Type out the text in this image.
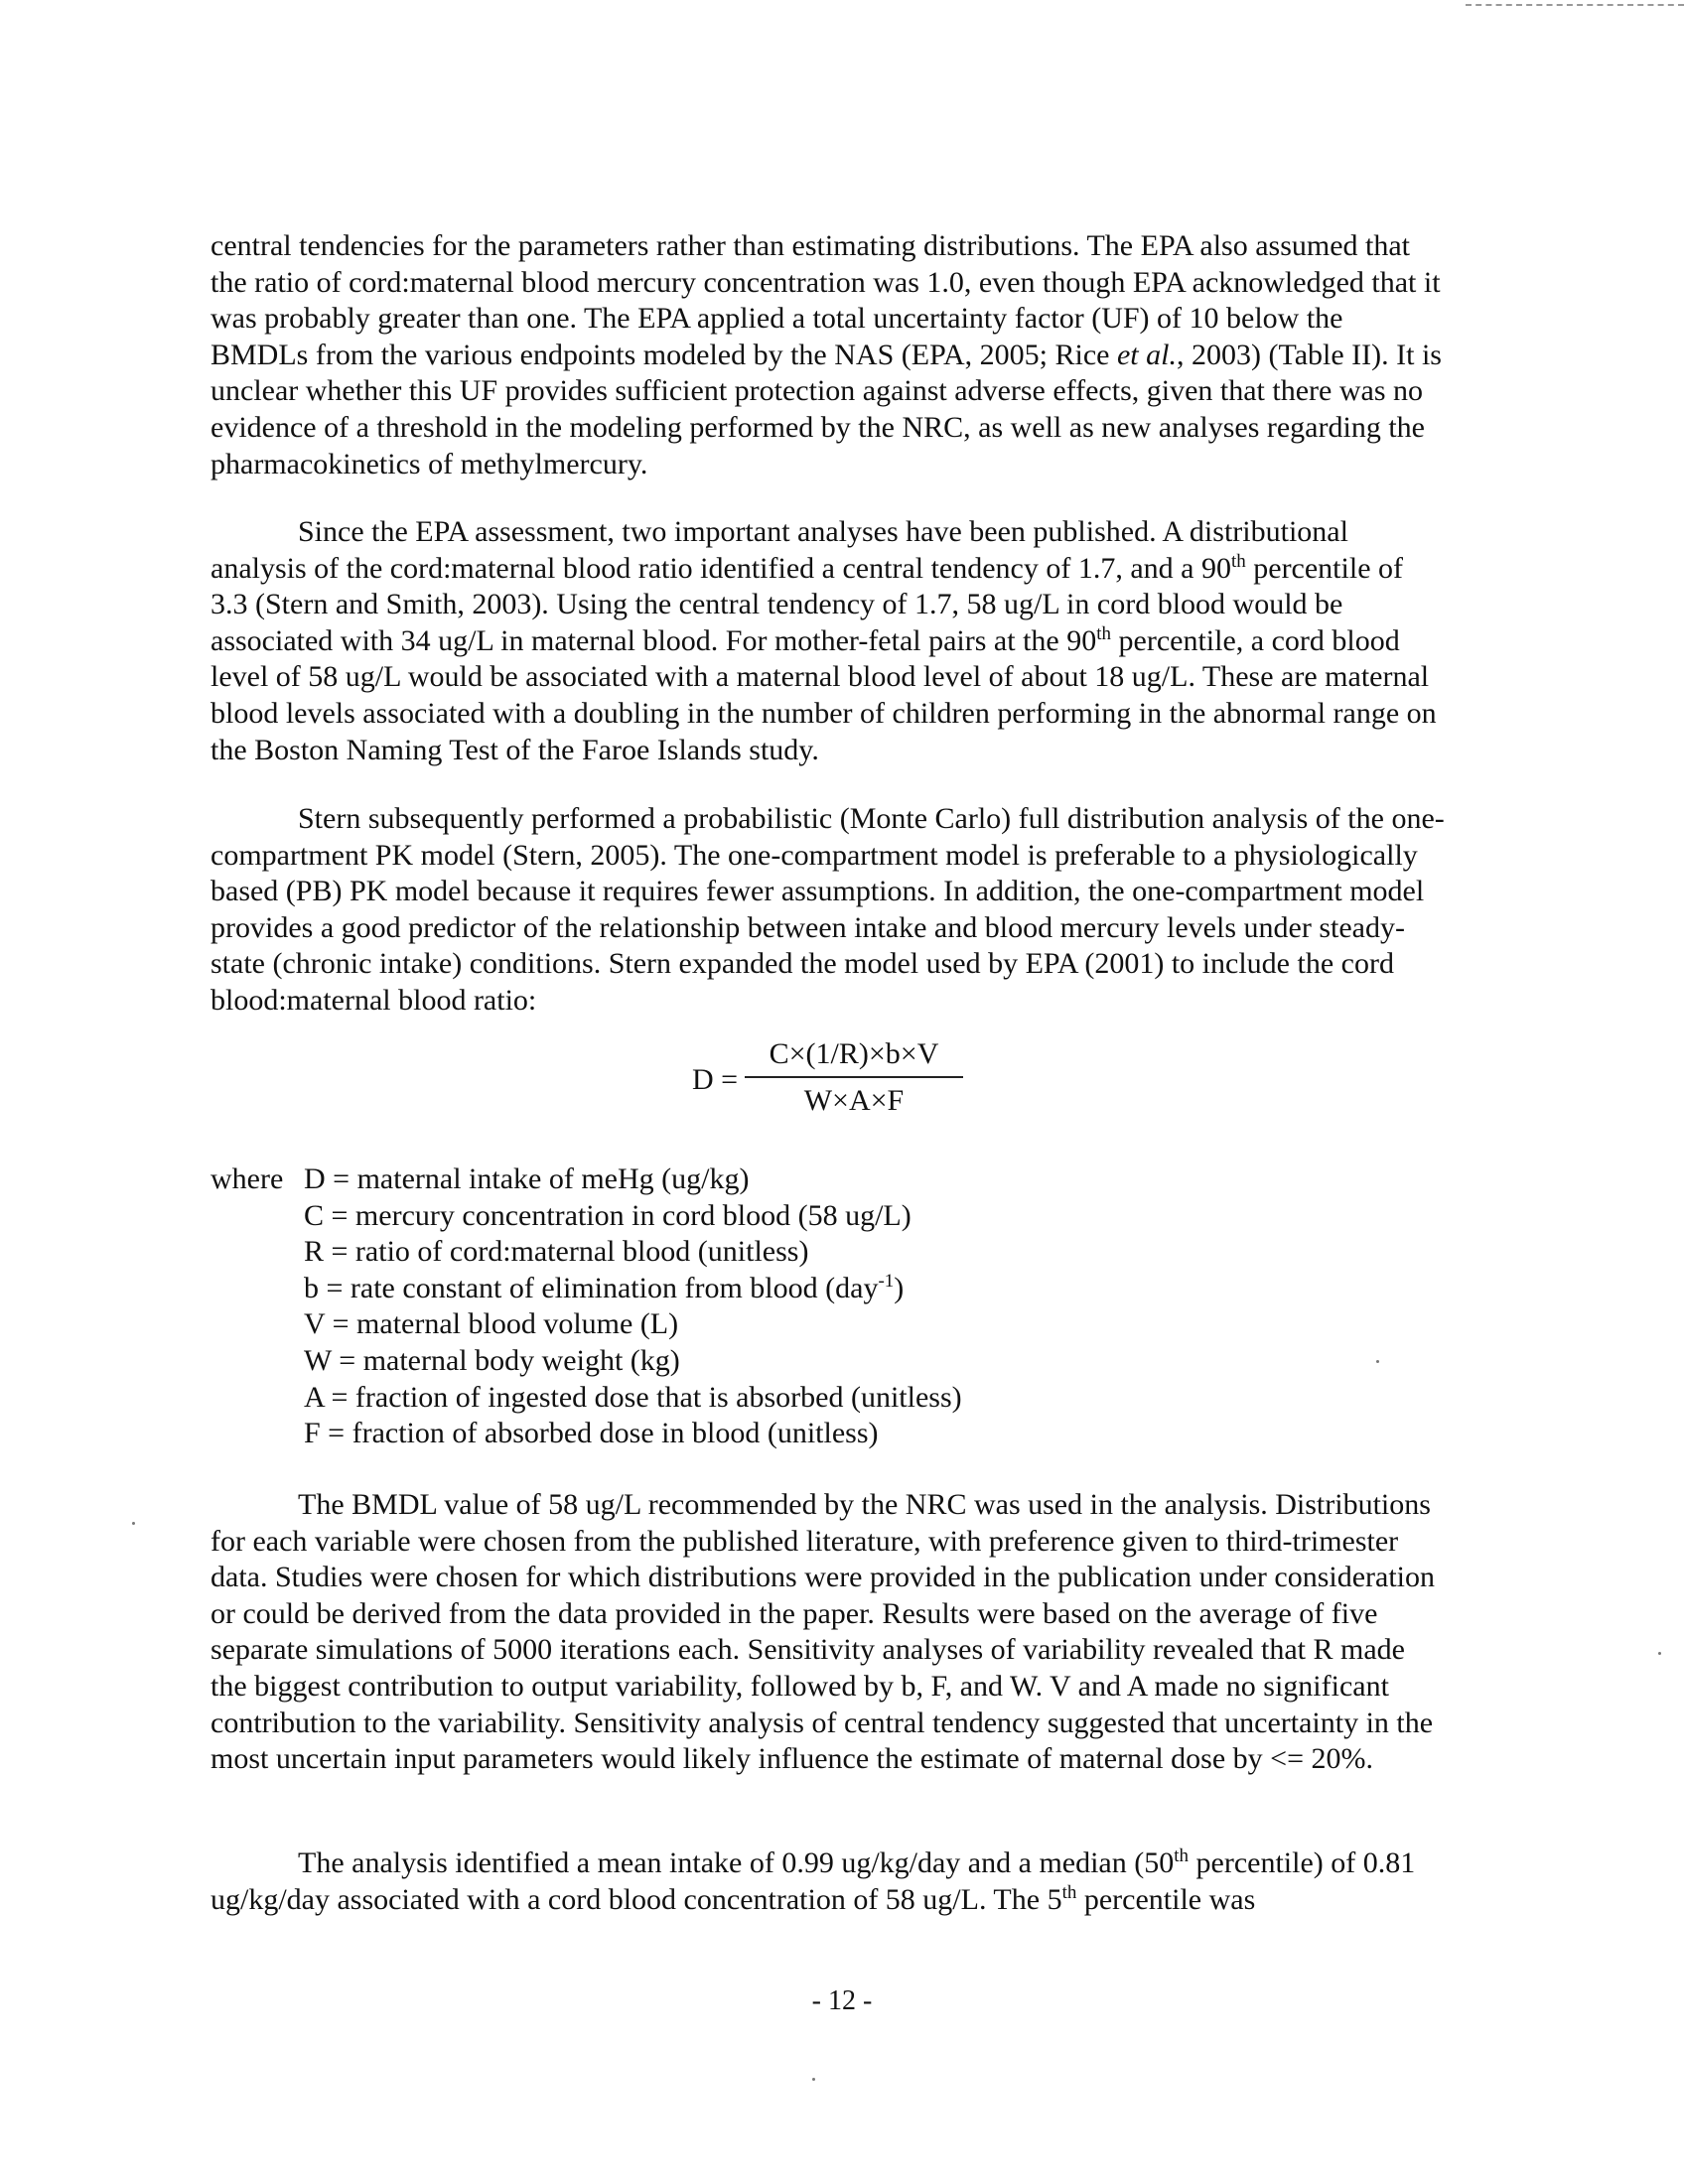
central tendencies for the parameters rather than estimating distributions. The EPA also assumed that the ratio of cord:maternal blood mercury concentration was 1.0, even though EPA acknowledged that it was probably greater than one. The EPA applied a total uncertainty factor (UF) of 10 below the BMDLs from the various endpoints modeled by the NAS (EPA, 2005; Rice et al., 2003) (Table II). It is unclear whether this UF provides sufficient protection against adverse effects, given that there was no evidence of a threshold in the modeling performed by the NRC, as well as new analyses regarding the pharmacokinetics of methylmercury.

Since the EPA assessment, two important analyses have been published. A distributional analysis of the cord:maternal blood ratio identified a central tendency of 1.7, and a 90th percentile of 3.3 (Stern and Smith, 2003). Using the central tendency of 1.7, 58 ug/L in cord blood would be associated with 34 ug/L in maternal blood. For mother-fetal pairs at the 90th percentile, a cord blood level of 58 ug/L would be associated with a maternal blood level of about 18 ug/L. These are maternal blood levels associated with a doubling in the number of children performing in the abnormal range on the Boston Naming Test of the Faroe Islands study.

Stern subsequently performed a probabilistic (Monte Carlo) full distribution analysis of the one-compartment PK model (Stern, 2005). The one-compartment model is preferable to a physiologically based (PB) PK model because it requires fewer assumptions. In addition, the one-compartment model provides a good predictor of the relationship between intake and blood mercury levels under steady-state (chronic intake) conditions. Stern expanded the model used by EPA (2001) to include the cord blood:maternal blood ratio:

D =
C×(1/R)×b×V
W×A×F
where D = maternal intake of meHg (ug/kg)
C = mercury concentration in cord blood (58 ug/L)
R = ratio of cord:maternal blood (unitless)
b = rate constant of elimination from blood (day$^{-1}$)
V = maternal blood volume (L)
W = maternal body weight (kg)
A = fraction of ingested dose that is absorbed (unitless)
F = fraction of absorbed dose in blood (unitless)

The BMDL value of 58 ug/L recommended by the NRC was used in the analysis. Distributions for each variable were chosen from the published literature, with preference given to third-trimester data. Studies were chosen for which distributions were provided in the publication under consideration or could be derived from the data provided in the paper. Results were based on the average of five separate simulations of 5000 iterations each. Sensitivity analyses of variability revealed that R made the biggest contribution to output variability, followed by b, F, and W. V and A made no significant contribution to the variability. Sensitivity analysis of central tendency suggested that uncertainty in the most uncertain input parameters would likely influence the estimate of maternal dose by <= 20%.

The analysis identified a mean intake of 0.99 ug/kg/day and a median (50th percentile) of 0.81 ug/kg/day associated with a cord blood concentration of 58 ug/L. The 5th percentile was

- 12 -
